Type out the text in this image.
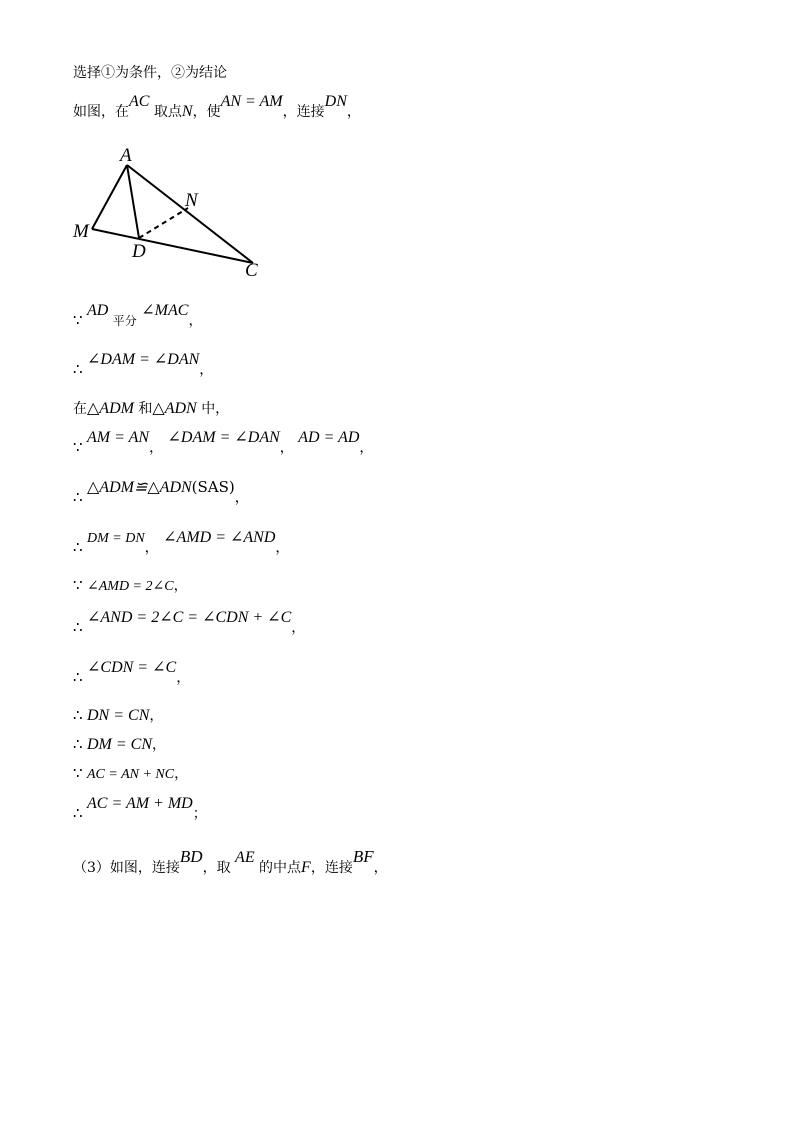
选择①为条件，②为结论
如图，在AC 取点N，使AN = AM，连接DN，
A
M
D
N
C
∵ AD 平分 ∠MAC，
∴ ∠DAM = ∠DAN，
在△ADM 和△ADN 中，
∵ AM = AN， ∠DAM = ∠DAN， AD = AD，
∴ △ADM≌△ADN(SAS)，
∴ DM = DN， ∠AMD = ∠AND，
∵ ∠AMD = 2∠C，
∴ ∠AND = 2∠C = ∠CDN + ∠C，
∴ ∠CDN = ∠C，
∴ DN = CN，
∴ DM = CN，
∵ AC = AN + NC，
∴ AC = AM + MD；
（3）如图，连接BD，取 AE 的中点F，连接BF，
